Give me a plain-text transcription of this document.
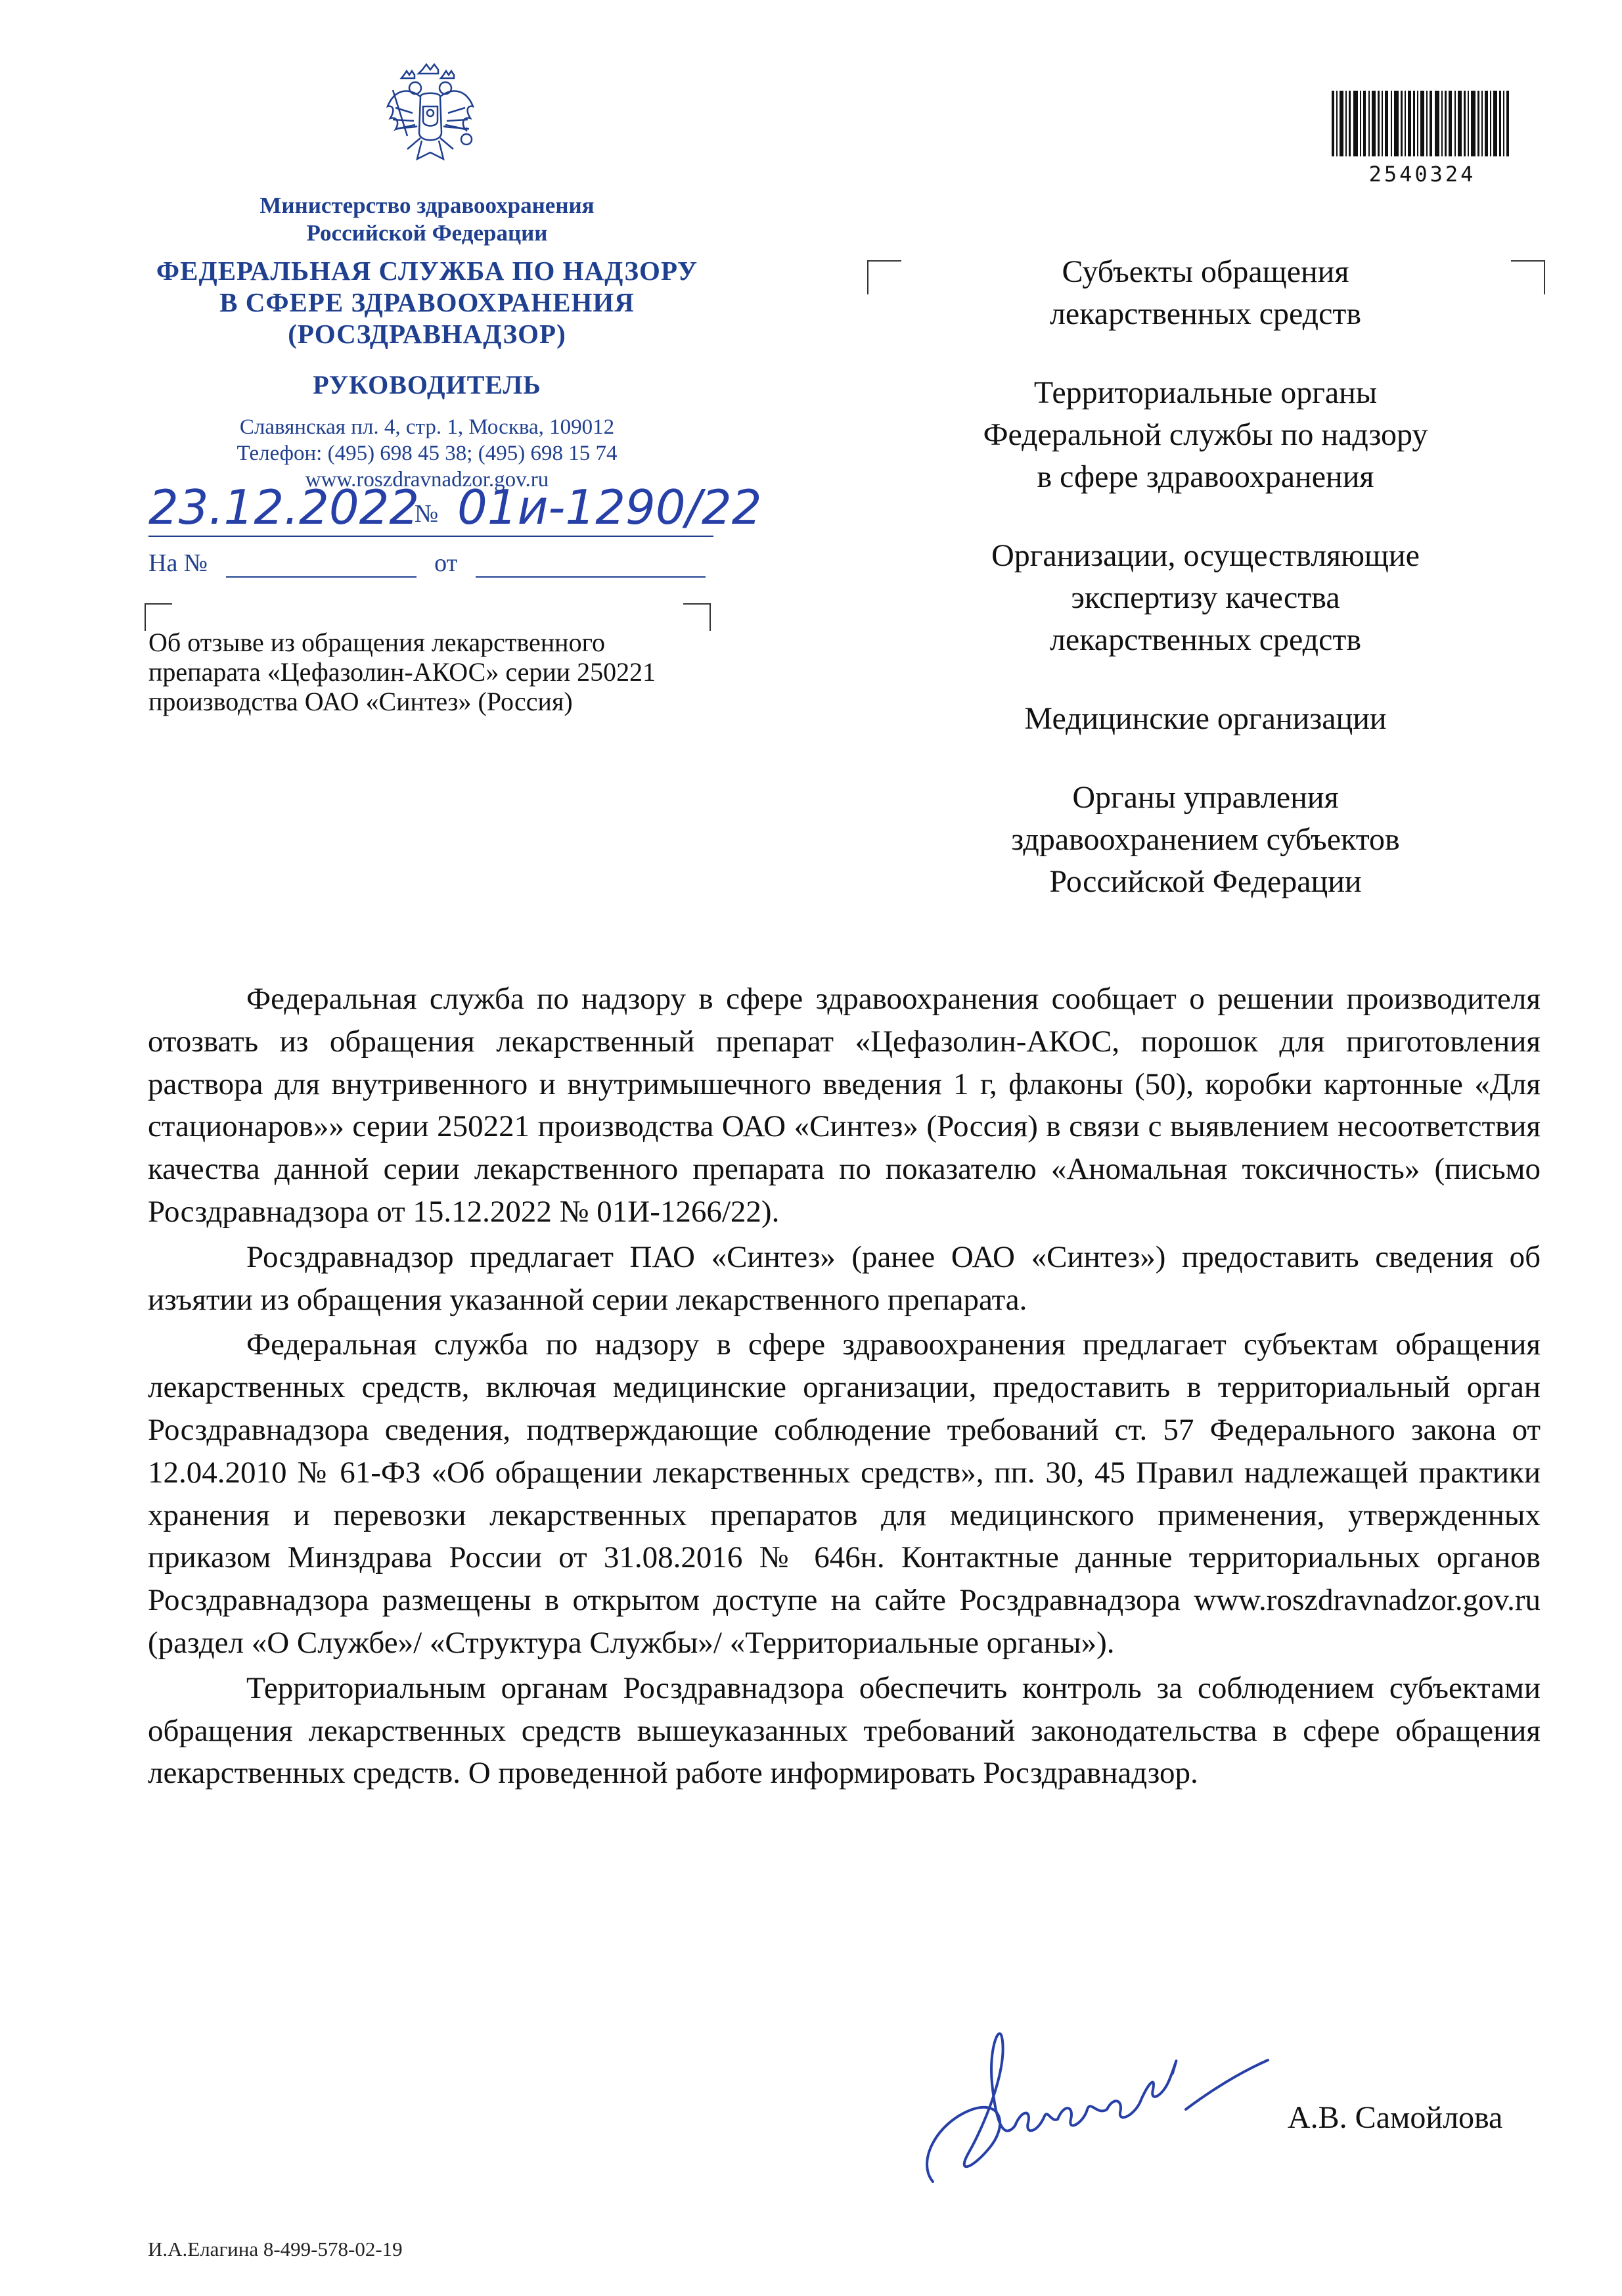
Министерство здравоохранения
Российской Федерации
ФЕДЕРАЛЬНАЯ СЛУЖБА ПО НАДЗОРУ
В СФЕРЕ ЗДРАВООХРАНЕНИЯ
(РОСЗДРАВНАДЗОР)
РУКОВОДИТЕЛЬ
Славянская пл. 4, стр. 1, Москва, 109012
Телефон: (495) 698 45 38; (495) 698 15 74
www.roszdravnadzor.gov.ru
23.12.2022
№ 01и-1290/22
На №	от
Об отзыве из обращения лекарственного
препарата «Цефазолин-АКОС» серии 250221
производства ОАО «Синтез» (Россия)
2540324

Субъекты обращения

лекарственных средств

Территориальные органы

Федеральной службы по надзору

в сфере здравоохранения

Организации, осуществляющие

экспертизу качества

лекарственных средств

Медицинские организации

Органы управления

здравоохранением субъектов

Российской Федерации

Федеральная служба по надзору в сфере здравоохранения сообщает о решении производителя отозвать из обращения лекарственный препарат «Цефазолин-АКОС, порошок для приготовления раствора для внутривенного и внутримышечного введения 1 г, флаконы (50), коробки картонные «Для стационаров»» серии 250221 производства ОАО «Синтез» (Россия) в связи с выявлением несоответствия качества данной серии лекарственного препарата по показателю «Аномальная токсичность» (письмо Росздравнадзора от 15.12.2022 № 01И-1266/22).

Росздравнадзор предлагает ПАО «Синтез» (ранее ОАО «Синтез») предоставить сведения об изъятии из обращения указанной серии лекарственного препарата.

Федеральная служба по надзору в сфере здравоохранения предлагает субъектам обращения лекарственных средств, включая медицинские организации, предоставить в территориальный орган Росздравнадзора сведения, подтверждающие соблюдение требований ст. 57 Федерального закона от 12.04.2010 № 61-ФЗ «Об обращении лекарственных средств», пп. 30, 45 Правил надлежащей практики хранения и перевозки лекарственных препаратов для медицинского применения, утвержденных приказом Минздрава России от 31.08.2016 № 646н. Контактные данные территориальных органов Росздравнадзора размещены в открытом доступе на сайте Росздравнадзора www.roszdravnadzor.gov.ru (раздел «О Службе»/ «Структура Службы»/ «Территориальные органы»).

Территориальным органам Росздравнадзора обеспечить контроль за соблюдением субъектами обращения лекарственных средств вышеуказанных требований законодательства в сфере обращения лекарственных средств. О проведенной работе информировать Росздравнадзор.

А.В. Самойлова
И.А.Елагина 8-499-578-02-19
